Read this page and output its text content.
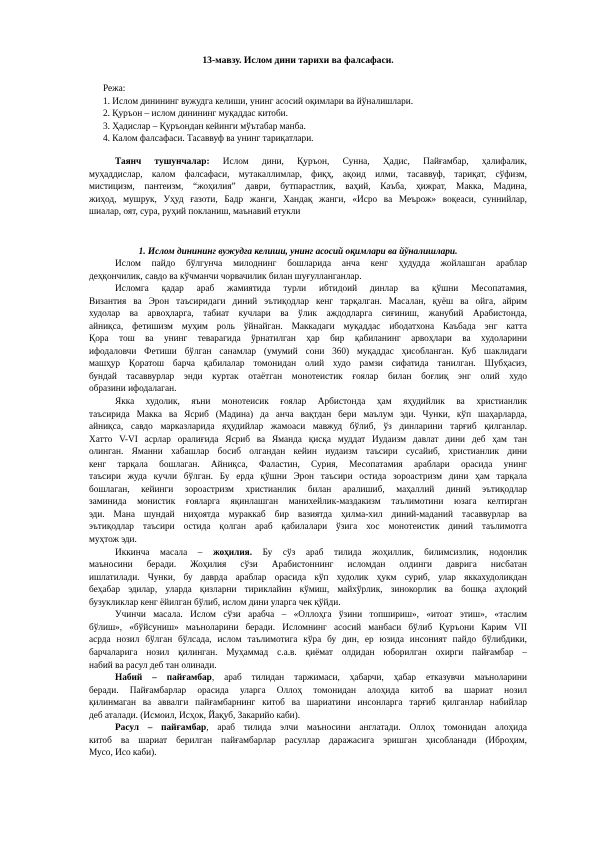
13-мавзу. Ислом дини тарихи ва фалсафаси.
Режа:
1. Ислом динининг вужудга келиши, унинг асосий оқимлари ва йўналишлари.
2. Қуръон – ислом динининг муқаддас китоби.
3. Ҳадислар – Қуръондан кейинги мўътабар манба.
4. Калом фалсафаси. Тасаввуф ва унинг тариқатлари.
Таянч тушунчалар: Ислом дини, Қуръон, Сунна, Ҳадис, Пайғамбар, ҳалифалик,
муҳаддислар, калом фалсафаси, мутакаллимлар, фиқҳ, ақоид илми, тасаввуф, тариқат, сўфизм,
мистицизм, пантеизм, “жоҳилия” даври, бутпарастлик, ваҳий, Каъба, ҳижрат, Макка, Мадина,
жиҳод, мушрук, Уҳуд ғазоти, Бадр жанги, Хандақ жанги, «Исро ва Меърож» воқеаси, суннийлар,
шиалар, оят, сура, руҳий покланиш, маънавий етукли
1. Ислом динининг вужудга келиши, унинг асосий оқимлари ва йўналишлари.
Ислом пайдо бўлгунча милоднинг бошларида анча кенг ҳудудда жойлашган араблар
деҳқончилик, савдо ва кўчманчи чорвачилик билан шуғулланганлар.
Исломга қадар араб жамиятида турли ибтидоий динлар ва қўшни Месопатамия,
Византия ва Эрон таъсиридаги диний эътиқодлар кенг тарқалган. Масалан, қуёш ва ойга, айрим
худолар ва арвоҳларга, табиат кучлари ва ўлик аждодларга сиғиниш, жанубий Арабистонда,
айниқса, фетишизм муҳим роль ўйнайган. Маккадаги муқаддас ибодатхона Каъбада энг катта
Қора тош ва унинг теварагида ўрнатилган ҳар бир қабиланинг арвоҳлари ва худоларини
ифодаловчи Фетиши бўлган санамлар (умумий сони 360) муқаддас ҳисобланган. Куб шаклидаги
машҳур Қоратош барча қабилалар томонидан олий худо рамзи сифатида танилган. Шубҳасиз,
бундай тасаввурлар энди куртак отаётган монотеистик ғоялар билан боғлиқ энг олий худо
образини ифодалаган.
Якка худолик, яъни монотеисик ғоялар Арбистонда ҳам яҳудийлик ва христианлик
таъсирида Макка ва Ясриб (Мадина) да анча вақтдан бери маълум эди. Чунки, кўп шаҳарларда,
айниқса, савдо марказларида яҳудийлар жамоаси мавжуд бўлиб, ўз динларини тарғиб қилганлар.
Хатто V-VI асрлар оралиғида Ясриб ва Яманда қисқа муддат Иудаизм давлат дини деб ҳам тан
олинган. Яманни хабашлар босиб олгандан кейин иудаизм таъсири сусайиб, христианлик дини
кенг тарқала бошлаган. Айниқса, Фаластин, Сурия, Месопатамия араблари орасида унинг
таъсири жуда кучли бўлган. Бу ерда қўшни Эрон таъсири остида зороастризм дини ҳам тарқала
бошлаган, кейинги зороастризм христианлик билан аралишиб, маҳаллий диний эътиқодлар
заминида монистик ғояларга яқинлашган манихейлик-маздакизм таълимотини юзага келтирган
эди. Мана шундай ниҳоятда мураккаб бир вазиятда ҳилма-хил диний-маданий тасаввурлар ва
эътиқодлар таъсири остида қолган араб қабилалари ўзига хос монотеистик диний таълимотга
муҳтож эди.
Иккинча масала – жоҳилия. Бу сўз араб тилида жоҳиллик, билимсизлик, нодонлик
маъносини беради. Жоҳилия сўзи Арабистоннинг исломдан олдинги даврига нисбатан
ишлатилади. Чунки, бу даврда араблар орасида кўп худолик ҳукм суриб, улар яккахудоликдан
беҳабар эдилар, уларда қизларни тириклайин кўмиш, майхўрлик, зинокорлик ва бошқа аҳлоқий
бузукликлар кенг ёйилган бўлиб, ислом дини уларга чек қўйди.
Учинчи масала. Ислом сўзи арабча – «Оллоҳга ўзини топшириш», «итоат этиш», «таслим
бўлиш», «бўйсуниш» маъноларини беради. Исломнинг асосий манбаси бўлиб Қуръони Карим VII
асрда нозил бўлган бўлсада, ислом таълимотига кўра бу дин, ер юзида инсоният пайдо бўлибдики,
барчаларига нозил қилинган. Муҳаммад с.а.в. қиёмат олдидан юборилган охирги пайғамбар –
набий ва расул деб тан олинади.
Набий – пайғамбар, араб тилидан таржимаси, ҳабарчи, ҳабар етказувчи маъноларини
беради. Пайғамбарлар орасида уларга Оллоҳ томонидан алоҳида китоб ва шариат нозил
қилинмаган ва аввалги пайғамбарнинг китоб ва шариатини инсонларга тарғиб қилганлар набийлар
деб аталади. (Исмоил, Исҳок, Йақуб, Закарийо каби).
Расул – пайғамбар, араб тилида элчи маъносини англатади. Оллоҳ томонидан алоҳида
китоб ва шариат берилган пайғамбарлар расуллар даражасига эришган ҳисобланади (Иброҳим,
Мусо, Исо каби).
